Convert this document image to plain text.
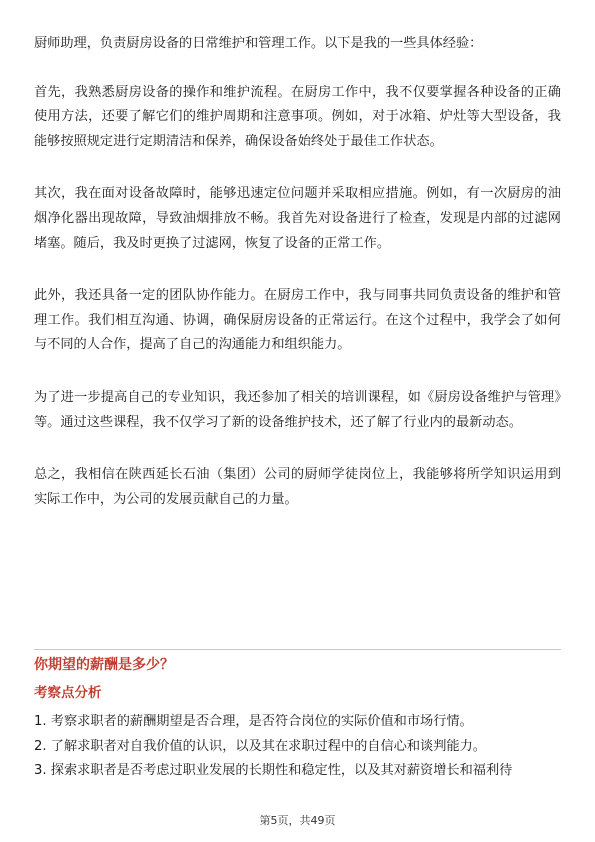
厨师助理，负责厨房设备的日常维护和管理工作。以下是我的一些具体经验：

首先，我熟悉厨房设备的操作和维护流程。在厨房工作中，我不仅要掌握各种设备的正确使用方法，还要了解它们的维护周期和注意事项。例如，对于冰箱、炉灶等大型设备，我能够按照规定进行定期清洁和保养，确保设备始终处于最佳工作状态。

其次，我在面对设备故障时，能够迅速定位问题并采取相应措施。例如，有一次厨房的油烟净化器出现故障，导致油烟排放不畅。我首先对设备进行了检查，发现是内部的过滤网堵塞。随后，我及时更换了过滤网，恢复了设备的正常工作。

此外，我还具备一定的团队协作能力。在厨房工作中，我与同事共同负责设备的维护和管理工作。我们相互沟通、协调，确保厨房设备的正常运行。在这个过程中，我学会了如何与不同的人合作，提高了自己的沟通能力和组织能力。

为了进一步提高自己的专业知识，我还参加了相关的培训课程，如《厨房设备维护与管理》等。通过这些课程，我不仅学习了新的设备维护技术，还了解了行业内的最新动态。

总之，我相信在陕西延长石油（集团）公司的厨师学徒岗位上，我能够将所学知识运用到实际工作中，为公司的发展贡献自己的力量。

你期望的薪酬是多少？
考察点分析
1. 考察求职者的薪酬期望是否合理，是否符合岗位的实际价值和市场行情。
2. 了解求职者对自我价值的认识，以及其在求职过程中的自信心和谈判能力。
3. 探索求职者是否考虑过职业发展的长期性和稳定性，以及其对薪资增长和福利待
第5页，共49页
